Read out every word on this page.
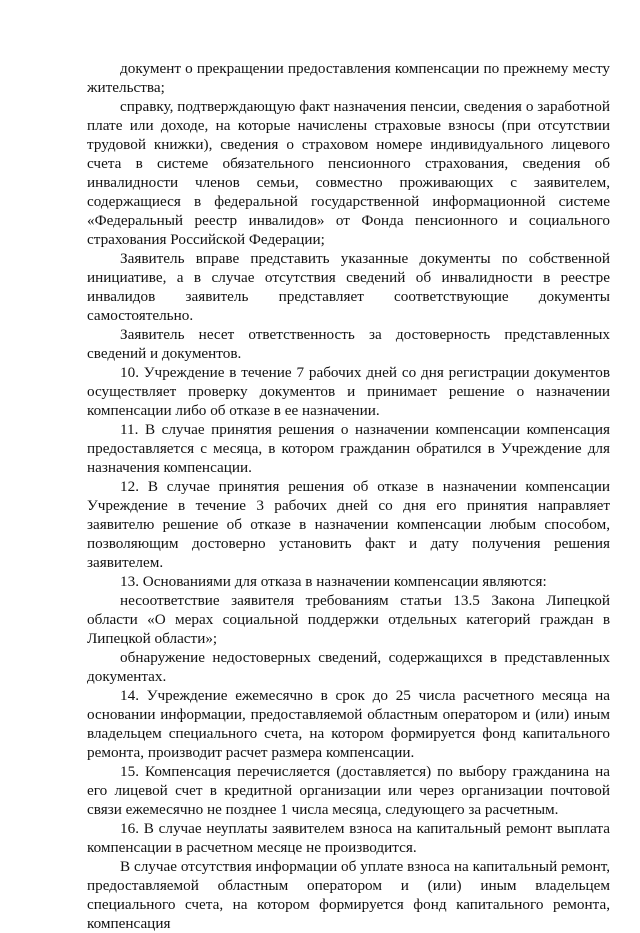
документ о прекращении предоставления компенсации по прежнему месту жительства;

справку, подтверждающую факт назначения пенсии, сведения о заработной плате или доходе, на которые начислены страховые взносы (при отсутствии трудовой книжки), сведения о страховом номере индивидуального лицевого счета в системе обязательного пенсионного страхования, сведения об инвалидности членов семьи, совместно проживающих с заявителем, содержащиеся в федеральной государственной информационной системе «Федеральный реестр инвалидов» от Фонда пенсионного и социального страхования Российской Федерации;

Заявитель вправе представить указанные документы по собственной инициативе, а в случае отсутствия сведений об инвалидности в реестре инвалидов заявитель представляет соответствующие документы самостоятельно.

Заявитель несет ответственность за достоверность представленных сведений и документов.

10. Учреждение в течение 7 рабочих дней со дня регистрации документов осуществляет проверку документов и принимает решение о назначении компенсации либо об отказе в ее назначении.

11. В случае принятия решения о назначении компенсации компенсация предоставляется с месяца, в котором гражданин обратился в Учреждение для назначения компенсации.

12. В случае принятия решения об отказе в назначении компенсации Учреждение в течение 3 рабочих дней со дня его принятия направляет заявителю решение об отказе в назначении компенсации любым способом, позволяющим достоверно установить факт и дату получения решения заявителем.

13. Основаниями для отказа в назначении компенсации являются:

несоответствие заявителя требованиям статьи 13.5 Закона Липецкой области «О мерах социальной поддержки отдельных категорий граждан в Липецкой области»;

обнаружение недостоверных сведений, содержащихся в представленных документах.

14. Учреждение ежемесячно в срок до 25 числа расчетного месяца на основании информации, предоставляемой областным оператором и (или) иным владельцем специального счета, на котором формируется фонд капитального ремонта, производит расчет размера компенсации.

15. Компенсация перечисляется (доставляется) по выбору гражданина на его лицевой счет в кредитной организации или через организации почтовой связи ежемесячно не позднее 1 числа месяца, следующего за расчетным.

16. В случае неуплаты заявителем взноса на капитальный ремонт выплата компенсации в расчетном месяце не производится.

В случае отсутствия информации об уплате взноса на капитальный ремонт, предоставляемой областным оператором и (или) иным владельцем специального счета, на котором формируется фонд капитального ремонта, компенсация
